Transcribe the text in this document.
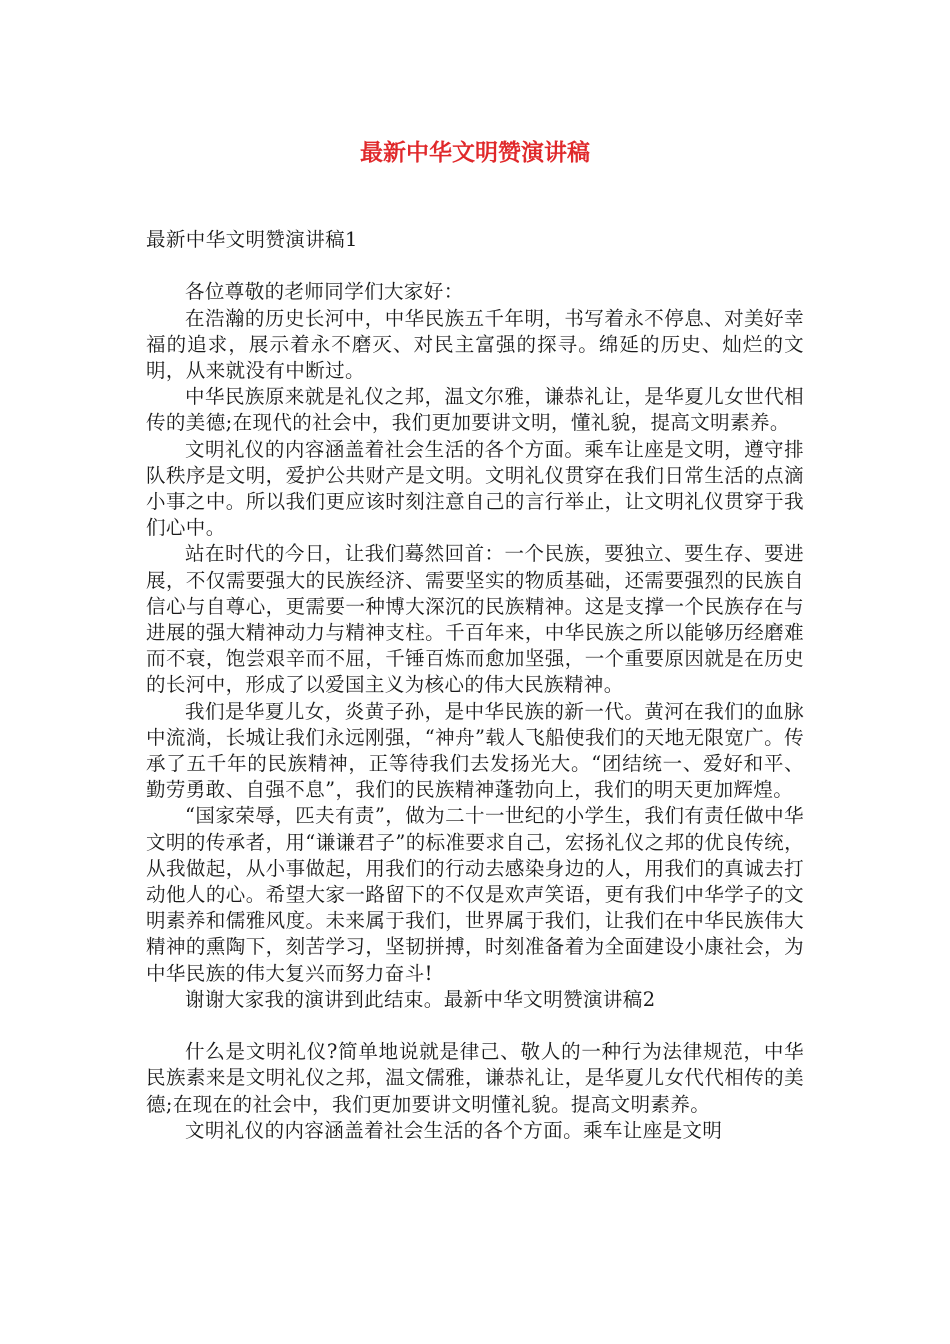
最新中华文明赞演讲稿

最新中华文明赞演讲稿1

各位尊敬的老师同学们大家好：

在浩瀚的历史长河中，中华民族五千年明，书写着永不停息、对美好幸福的追求，展示着永不磨灭、对民主富强的探寻。绵延的历史、灿烂的文明，从来就没有中断过。

中华民族原来就是礼仪之邦，温文尔雅，谦恭礼让，是华夏儿女世代相传的美德;在现代的社会中，我们更加要讲文明，懂礼貌，提高文明素养。

文明礼仪的内容涵盖着社会生活的各个方面。乘车让座是文明，遵守排队秩序是文明，爱护公共财产是文明。文明礼仪贯穿在我们日常生活的点滴小事之中。所以我们更应该时刻注意自己的言行举止，让文明礼仪贯穿于我们心中。

站在时代的今日，让我们蓦然回首：一个民族，要独立、要生存、要进展，不仅需要强大的民族经济、需要坚实的物质基础，还需要强烈的民族自信心与自尊心，更需要一种博大深沉的民族精神。这是支撑一个民族存在与进展的强大精神动力与精神支柱。千百年来，中华民族之所以能够历经磨难而不衰，饱尝艰辛而不屈，千锤百炼而愈加坚强，一个重要原因就是在历史的长河中，形成了以爱国主义为核心的伟大民族精神。

我们是华夏儿女，炎黄子孙，是中华民族的新一代。黄河在我们的血脉中流淌，长城让我们永远刚强，“神舟”载人飞船使我们的天地无限宽广。传承了五千年的民族精神，正等待我们去发扬光大。“团结统一、爱好和平、勤劳勇敢、自强不息”，我们的民族精神蓬勃向上，我们的明天更加辉煌。

“国家荣辱，匹夫有责”，做为二十一世纪的小学生，我们有责任做中华文明的传承者，用“谦谦君子”的标准要求自己，宏扬礼仪之邦的优良传统，从我做起，从小事做起，用我们的行动去感染身边的人，用我们的真诚去打动他人的心。希望大家一路留下的不仅是欢声笑语，更有我们中华学子的文明素养和儒雅风度。未来属于我们，世界属于我们，让我们在中华民族伟大精神的熏陶下，刻苦学习，坚韧拼搏，时刻准备着为全面建设小康社会，为中华民族的伟大复兴而努力奋斗!

谢谢大家我的演讲到此结束。最新中华文明赞演讲稿2

什么是文明礼仪?简单地说就是律己、敬人的一种行为法律规范，中华民族素来是文明礼仪之邦，温文儒雅，谦恭礼让，是华夏儿女代代相传的美德;在现在的社会中，我们更加要讲文明懂礼貌。提高文明素养。

文明礼仪的内容涵盖着社会生活的各个方面。乘车让座是文明
